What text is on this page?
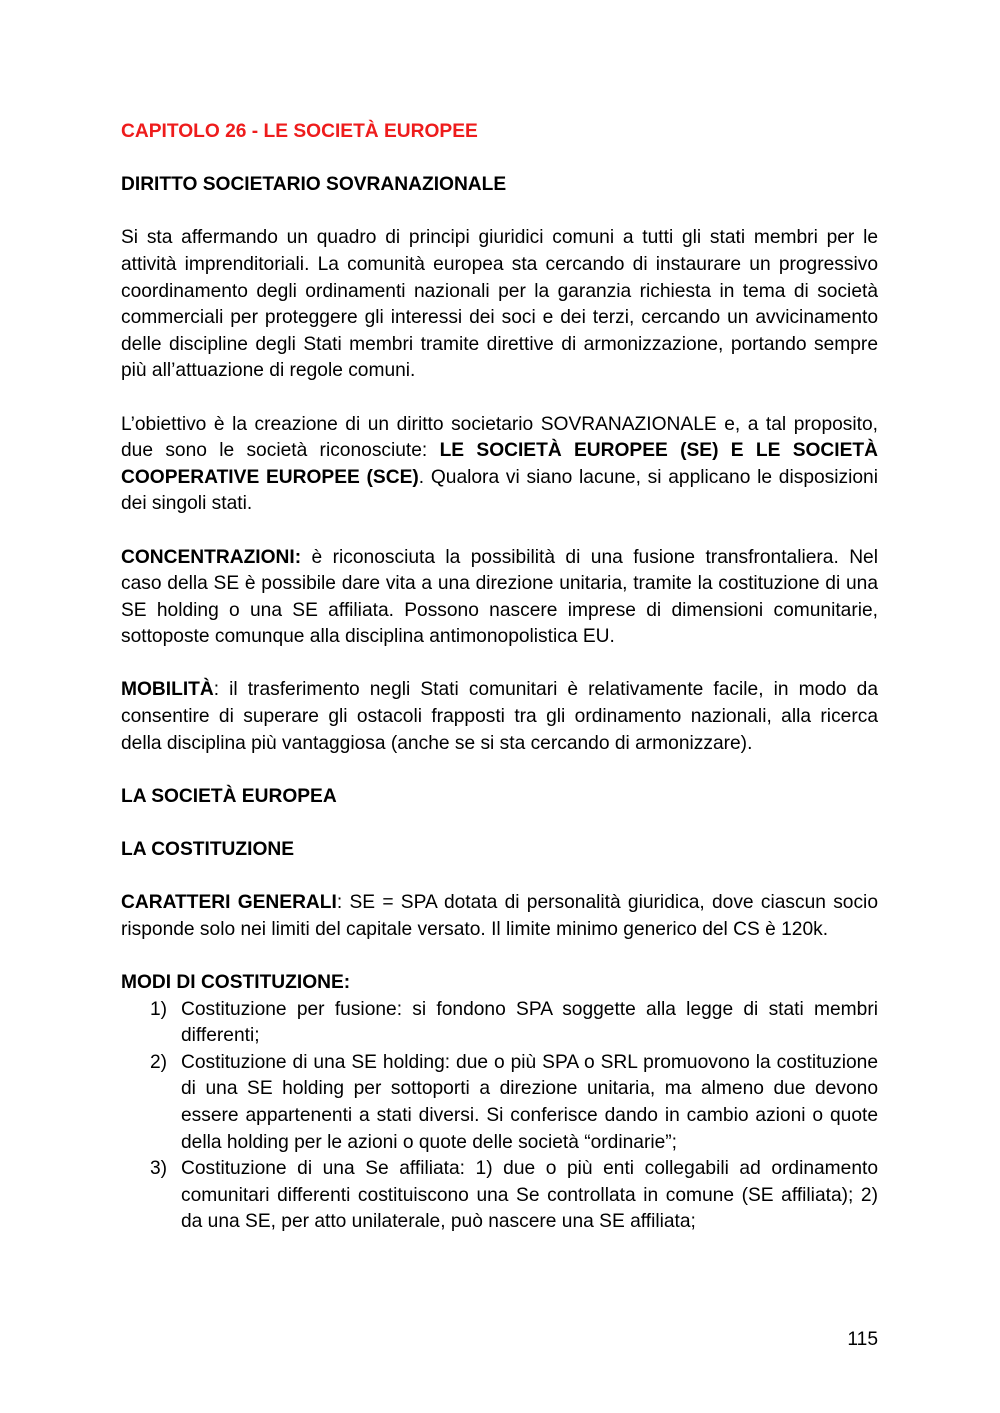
CAPITOLO 26 - LE SOCIETÀ EUROPEE

DIRITTO SOCIETARIO SOVRANAZIONALE

Si sta affermando un quadro di principi giuridici comuni a tutti gli stati membri per le attività imprenditoriali. La comunità europea sta cercando di instaurare un progressivo coordinamento degli ordinamenti nazionali per la garanzia richiesta in tema di società commerciali per proteggere gli interessi dei soci e dei terzi, cercando un avvicinamento delle discipline degli Stati membri tramite direttive di armonizzazione, portando sempre più all’attuazione di regole comuni.

L’obiettivo è la creazione di un diritto societario SOVRANAZIONALE e, a tal proposito, due sono le società riconosciute: LE SOCIETÀ EUROPEE (SE) E LE SOCIETÀ COOPERATIVE EUROPEE (SCE). Qualora vi siano lacune, si applicano le disposizioni dei singoli stati.

CONCENTRAZIONI: è riconosciuta la possibilità di una fusione transfrontaliera. Nel caso della SE è possibile dare vita a una direzione unitaria, tramite la costituzione di una SE holding o una SE affiliata. Possono nascere imprese di dimensioni comunitarie, sottoposte comunque alla disciplina antimonopolistica EU.

MOBILITÀ: il trasferimento negli Stati comunitari è relativamente facile, in modo da consentire di superare gli ostacoli frapposti tra gli ordinamento nazionali, alla ricerca della disciplina più vantaggiosa (anche se si sta cercando di armonizzare).

LA SOCIETÀ EUROPEA

LA COSTITUZIONE

CARATTERI GENERALI: SE = SPA dotata di personalità giuridica, dove ciascun socio risponde solo nei limiti del capitale versato. Il limite minimo generico del CS è 120k.

MODI DI COSTITUZIONE:

1) Costituzione per fusione: si fondono SPA soggette alla legge di stati membri differenti;
2) Costituzione di una SE holding: due o più SPA o SRL promuovono la costituzione di una SE holding per sottoporti a direzione unitaria, ma almeno due devono essere appartenenti a stati diversi. Si conferisce dando in cambio azioni o quote della holding per le azioni o quote delle società “ordinarie”;
3) Costituzione di una Se affiliata: 1) due o più enti collegabili ad ordinamento comunitari differenti costituiscono una Se controllata in comune (SE affiliata); 2) da una SE, per atto unilaterale, può nascere una SE affiliata;
115
